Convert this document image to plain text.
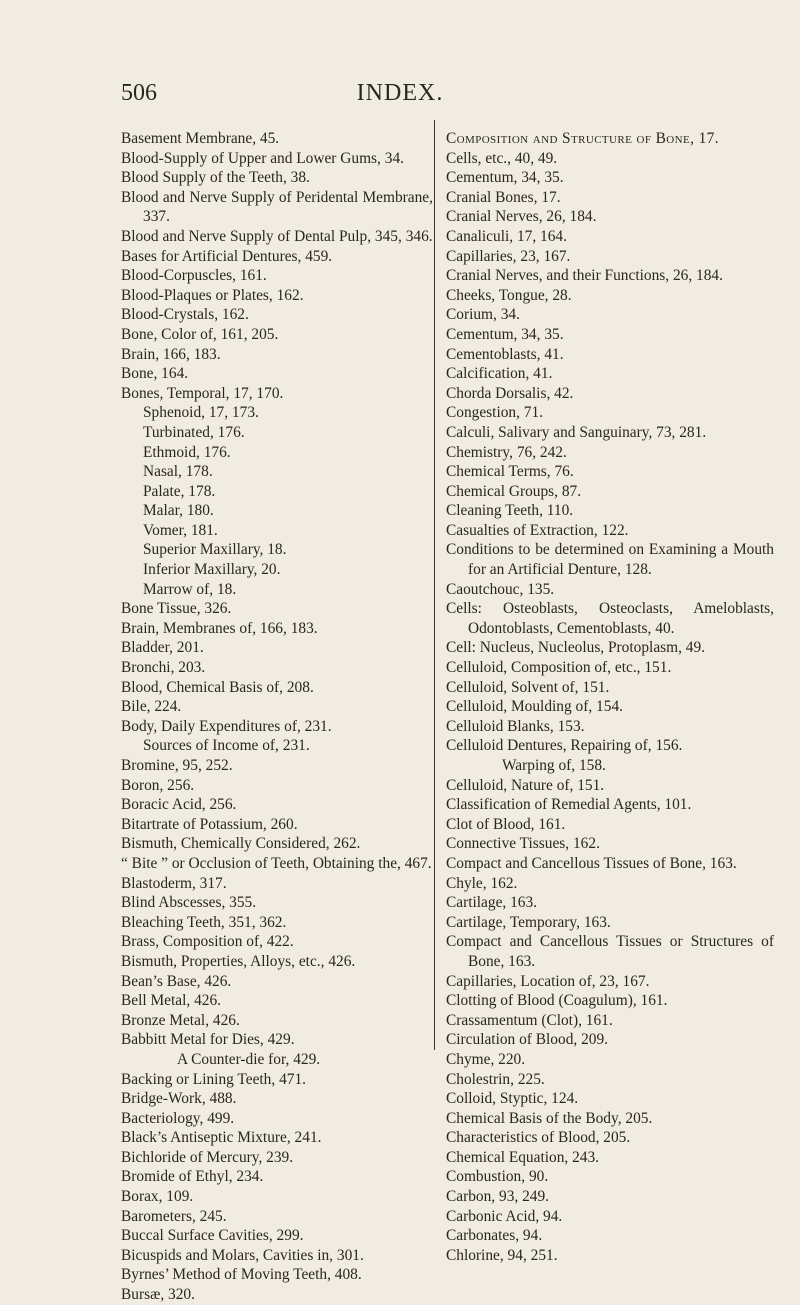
506	INDEX.
Basement Membrane, 45.
Blood-Supply of Upper and Lower Gums, 34.
Blood Supply of the Teeth, 38.
Blood and Nerve Supply of Peridental Membrane, 337.
Blood and Nerve Supply of Dental Pulp, 345, 346.
Bases for Artificial Dentures, 459.
Blood-Corpuscles, 161.
Blood-Plaques or Plates, 162.
Blood-Crystals, 162.
Bone, Color of, 161, 205.
Brain, 166, 183.
Bone, 164.
Bones, Temporal, 17, 170.
Sphenoid, 17, 173.
Turbinated, 176.
Ethmoid, 176.
Nasal, 178.
Palate, 178.
Malar, 180.
Vomer, 181.
Superior Maxillary, 18.
Inferior Maxillary, 20.
Marrow of, 18.
Bone Tissue, 326.
Brain, Membranes of, 166, 183.
Bladder, 201.
Bronchi, 203.
Blood, Chemical Basis of, 208.
Bile, 224.
Body, Daily Expenditures of, 231.
Sources of Income of, 231.
Bromine, 95, 252.
Boron, 256.
Boracic Acid, 256.
Bitartrate of Potassium, 260.
Bismuth, Chemically Considered, 262.
“ Bite ” or Occlusion of Teeth, Obtaining the, 467.
Blastoderm, 317.
Blind Abscesses, 355.
Bleaching Teeth, 351, 362.
Brass, Composition of, 422.
Bismuth, Properties, Alloys, etc., 426.
Bean’s Base, 426.
Bell Metal, 426.
Bronze Metal, 426.
Babbitt Metal for Dies, 429.
A Counter-die for, 429.
Backing or Lining Teeth, 471.
Bridge-Work, 488.
Bacteriology, 499.
Black’s Antiseptic Mixture, 241.
Bichloride of Mercury, 239.
Bromide of Ethyl, 234.
Borax, 109.
Barometers, 245.
Buccal Surface Cavities, 299.
Bicuspids and Molars, Cavities in, 301.
Byrnes’ Method of Moving Teeth, 408.
Bursæ, 320.
Composition and Structure of Bone, 17.
Cells, etc., 40, 49.
Cementum, 34, 35.
Cranial Bones, 17.
Cranial Nerves, 26, 184.
Canaliculi, 17, 164.
Capillaries, 23, 167.
Cranial Nerves, and their Functions, 26, 184.
Cheeks, Tongue, 28.
Corium, 34.
Cementum, 34, 35.
Cementoblasts, 41.
Calcification, 41.
Chorda Dorsalis, 42.
Congestion, 71.
Calculi, Salivary and Sanguinary, 73, 281.
Chemistry, 76, 242.
Chemical Terms, 76.
Chemical Groups, 87.
Cleaning Teeth, 110.
Casualties of Extraction, 122.
Conditions to be determined on Examining a Mouth for an Artificial Denture, 128.
Caoutchouc, 135.
Cells: Osteoblasts, Osteoclasts, Ameloblasts, Odontoblasts, Cementoblasts, 40.
Cell: Nucleus, Nucleolus, Protoplasm, 49.
Celluloid, Composition of, etc., 151.
Celluloid, Solvent of, 151.
Celluloid, Moulding of, 154.
Celluloid Blanks, 153.
Celluloid Dentures, Repairing of, 156.
Warping of, 158.
Celluloid, Nature of, 151.
Classification of Remedial Agents, 101.
Clot of Blood, 161.
Connective Tissues, 162.
Compact and Cancellous Tissues of Bone, 163.
Chyle, 162.
Cartilage, 163.
Cartilage, Temporary, 163.
Compact and Cancellous Tissues or Structures of Bone, 163.
Capillaries, Location of, 23, 167.
Clotting of Blood (Coagulum), 161.
Crassamentum (Clot), 161.
Circulation of Blood, 209.
Chyme, 220.
Cholestrin, 225.
Colloid, Styptic, 124.
Chemical Basis of the Body, 205.
Characteristics of Blood, 205.
Chemical Equation, 243.
Combustion, 90.
Carbon, 93, 249.
Carbonic Acid, 94.
Carbonates, 94.
Chlorine, 94, 251.
